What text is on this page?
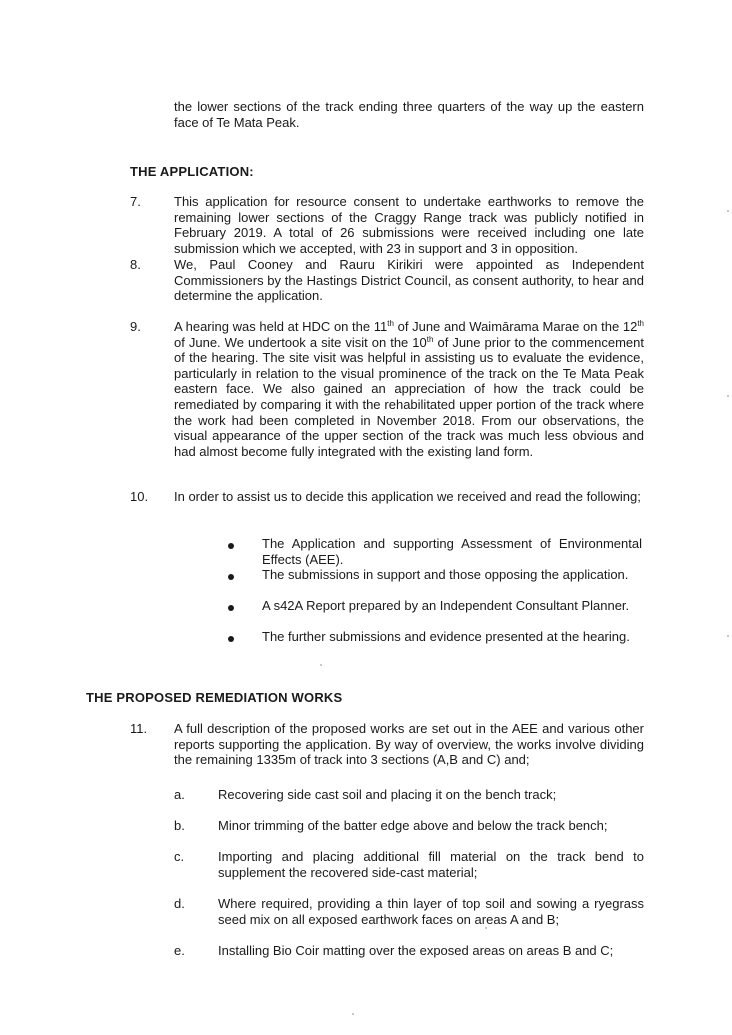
the lower sections of the track ending three quarters of the way up the eastern face of Te Mata Peak.
THE APPLICATION:
7.	This application for resource consent to undertake earthworks to remove the remaining lower sections of the Craggy Range track was publicly notified in February 2019. A total of 26 submissions were received including one late submission which we accepted, with 23 in support and 3 in opposition.
8.	We, Paul Cooney and Rauru Kirikiri were appointed as Independent Commissioners by the Hastings District Council, as consent authority, to hear and determine the application.
9.	A hearing was held at HDC on the 11th of June and Waimārama Marae on the 12th of June. We undertook a site visit on the 10th of June prior to the commencement of the hearing. The site visit was helpful in assisting us to evaluate the evidence, particularly in relation to the visual prominence of the track on the Te Mata Peak eastern face. We also gained an appreciation of how the track could be remediated by comparing it with the rehabilitated upper portion of the track where the work had been completed in November 2018. From our observations, the visual appearance of the upper section of the track was much less obvious and had almost become fully integrated with the existing land form.
10.	In order to assist us to decide this application we received and read the following;
The Application and supporting Assessment of Environmental Effects (AEE).
The submissions in support and those opposing the application.
A s42A Report prepared by an Independent Consultant Planner.
The further submissions and evidence presented at the hearing.
THE PROPOSED REMEDIATION WORKS
11.	A full description of the proposed works are set out in the AEE and various other reports supporting the application. By way of overview, the works involve dividing the remaining 1335m of track into 3 sections (A,B and C) and;
a.	Recovering side cast soil and placing it on the bench track;
b.	Minor trimming of the batter edge above and below the track bench;
c.	Importing and placing additional fill material on the track bend to supplement the recovered side-cast material;
d.	Where required, providing a thin layer of top soil and sowing a ryegrass seed mix on all exposed earthwork faces on areas A and B;
e.	Installing Bio Coir matting over the exposed areas on areas B and C;
